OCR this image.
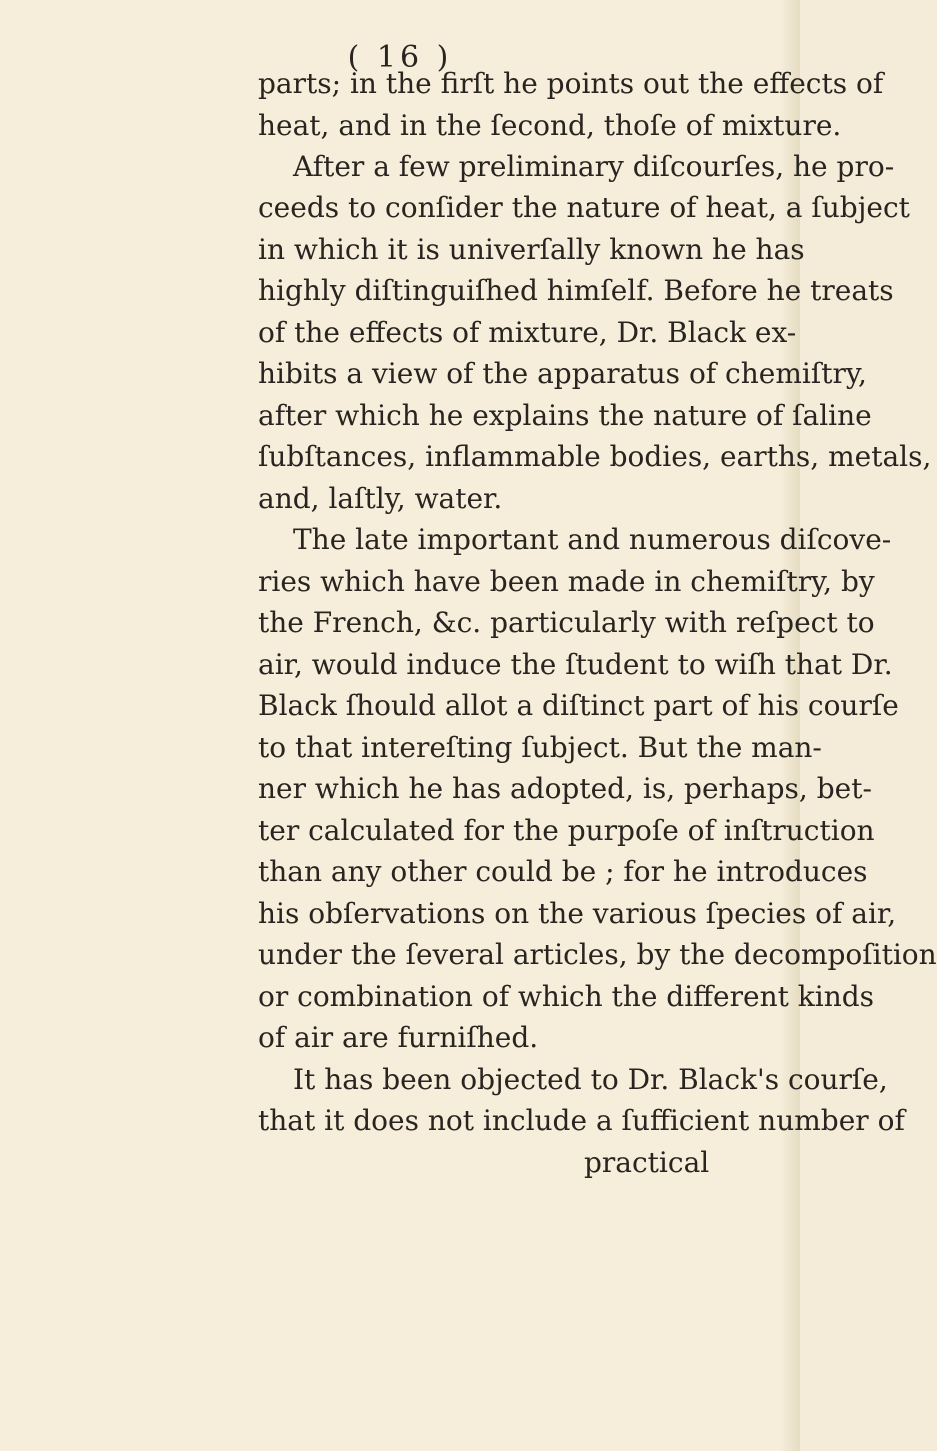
( 16 )
parts; in the firſt he points out the effects of
heat, and in the ſecond, thoſe of mixture.
After a few preliminary diſcourſes, he pro-
ceeds to conſider the nature of heat, a ſubject
in which it is univerſally known he has
highly diſtinguiſhed himſelf. Before he treats
of the effects of mixture, Dr. Black ex-
hibits a view of the apparatus of chemiſtry,
after which he explains the nature of ſaline
ſubſtances, inflammable bodies, earths, metals,
and, laſtly, water.
The late important and numerous diſcove-
ries which have been made in chemiſtry, by
the French, &c. particularly with reſpect to
air, would induce the ſtudent to wiſh that Dr.
Black ſhould allot a diſtinct part of his courſe
to that intereſting ſubject. But the man-
ner which he has adopted, is, perhaps, bet-
ter calculated for the purpoſe of inſtruction
than any other could be ; for he introduces
his obſervations on the various ſpecies of air,
under the ſeveral articles, by the decompoſition
or combination of which the different kinds
of air are furniſhed.
It has been objected to Dr. Black's courſe,
that it does not include a ſufficient number of
practical
